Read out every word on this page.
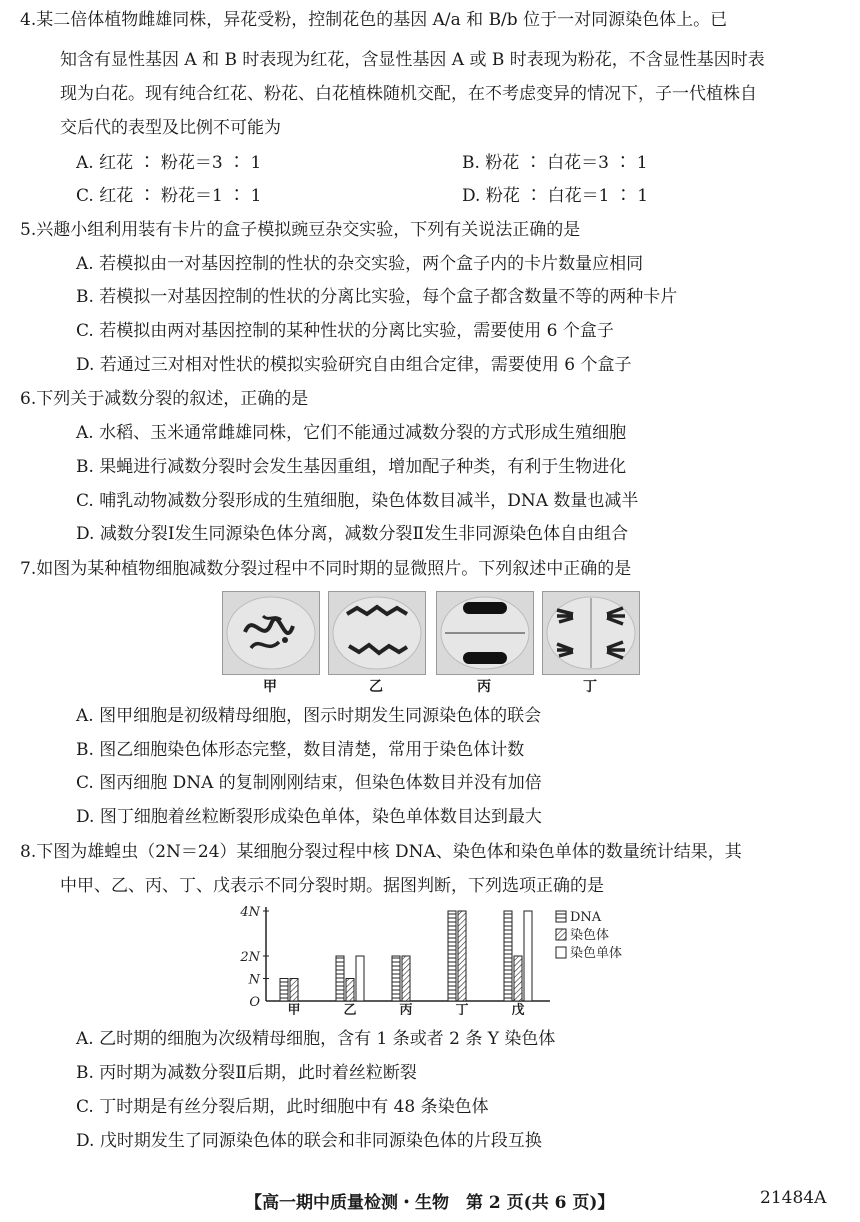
4.某二倍体植物雌雄同株，异花受粉，控制花色的基因 A/a 和 B/b 位于一对同源染色体上。已
知含有显性基因 A 和 B 时表现为红花，含显性基因 A 或 B 时表现为粉花，不含显性基因时表
现为白花。现有纯合红花、粉花、白花植株随机交配，在不考虑变异的情况下，子一代植株自
交后代的表型及比例不可能为
A. 红花 ∶ 粉花＝3 ∶ 1	B. 粉花 ∶ 白花＝3 ∶ 1
C. 红花 ∶ 粉花＝1 ∶ 1	D. 粉花 ∶ 白花＝1 ∶ 1
5.兴趣小组利用装有卡片的盒子模拟豌豆杂交实验，下列有关说法正确的是
A. 若模拟由一对基因控制的性状的杂交实验，两个盒子内的卡片数量应相同
B. 若模拟一对基因控制的性状的分离比实验，每个盒子都含数量不等的两种卡片
C. 若模拟由两对基因控制的某种性状的分离比实验，需要使用 6 个盒子
D. 若通过三对相对性状的模拟实验研究自由组合定律，需要使用 6 个盒子
6.下列关于减数分裂的叙述，正确的是
A. 水稻、玉米通常雌雄同株，它们不能通过减数分裂的方式形成生殖细胞
B. 果蝇进行减数分裂时会发生基因重组，增加配子种类，有利于生物进化
C. 哺乳动物减数分裂形成的生殖细胞，染色体数目减半，DNA 数量也减半
D. 减数分裂Ⅰ发生同源染色体分离，减数分裂Ⅱ发生非同源染色体自由组合
7.如图为某种植物细胞减数分裂过程中不同时期的显微照片。下列叙述中正确的是
甲	乙	丙	丁
A. 图甲细胞是初级精母细胞，图示时期发生同源染色体的联会
B. 图乙细胞染色体形态完整，数目清楚，常用于染色体计数
C. 图丙细胞 DNA 的复制刚刚结束，但染色体数目并没有加倍
D. 图丁细胞着丝粒断裂形成染色单体，染色单体数目达到最大
8.下图为雄蝗虫（2N＝24）某细胞分裂过程中核 DNA、染色体和染色单体的数量统计结果，其
中甲、乙、丙、丁、戊表示不同分裂时期。据图判断，下列选项正确的是
4N
2N
N
O
甲	乙	丙	丁	戊
DNA
染色体
染色单体
A. 乙时期的细胞为次级精母细胞，含有 1 条或者 2 条 Y 染色体
B. 丙时期为减数分裂Ⅱ后期，此时着丝粒断裂
C. 丁时期是有丝分裂后期，此时细胞中有 48 条染色体
D. 戊时期发生了同源染色体的联会和非同源染色体的片段互换
【高一期中质量检测・生物　第 2 页(共 6 页)】	21484A
